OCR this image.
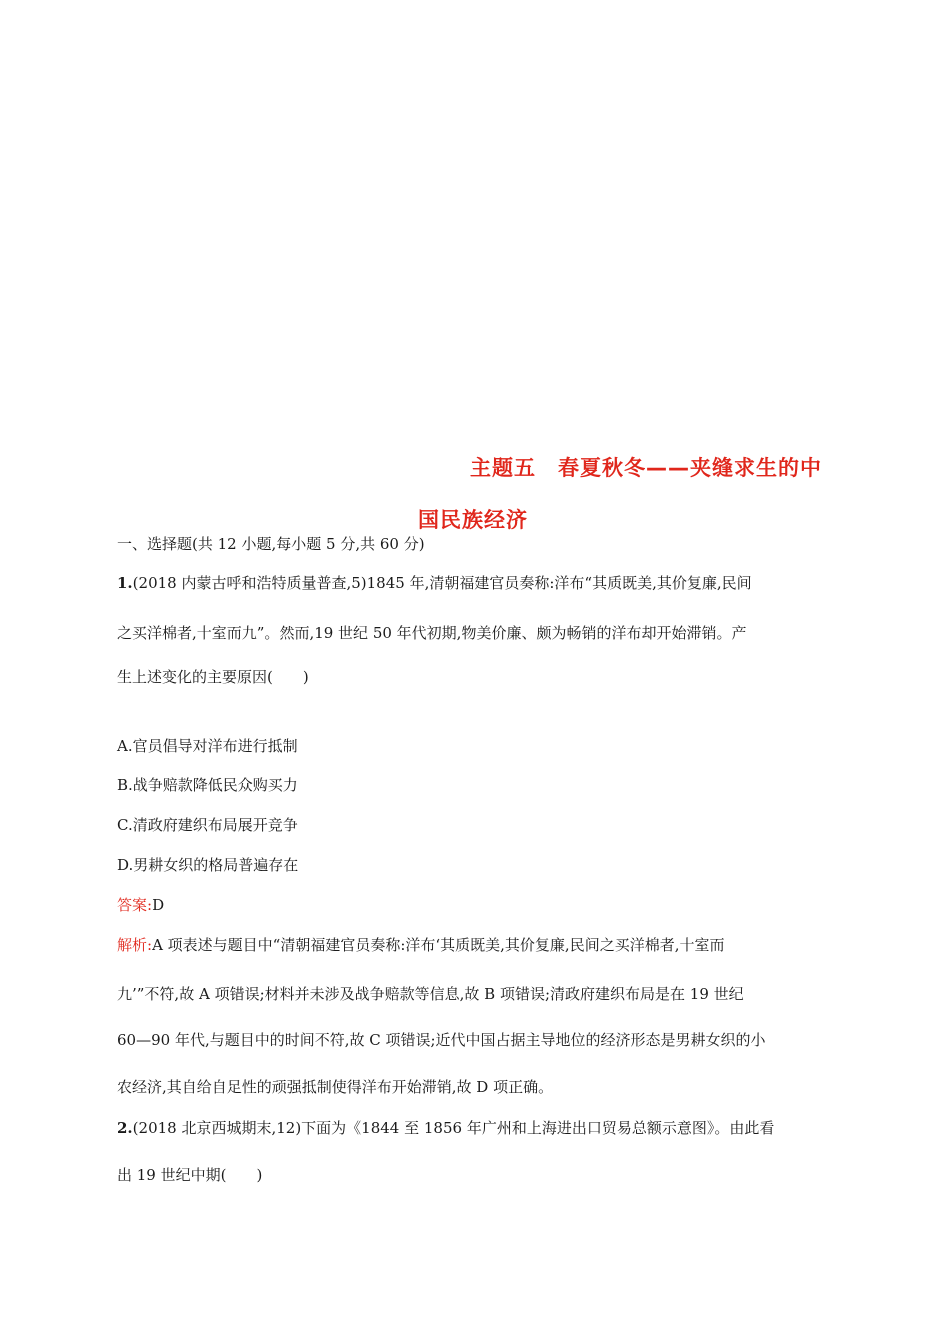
主题五　春夏秋冬——夹缝求生的中
国民族经济
一、选择题(共 12 小题,每小题 5 分,共 60 分)
1.(2018 内蒙古呼和浩特质量普查,5)1845 年,清朝福建官员奏称:洋布“其质既美,其价复廉,民间
之买洋棉者,十室而九”。然而,19 世纪 50 年代初期,物美价廉、颇为畅销的洋布却开始滞销。产
生上述变化的主要原因(　　)
A.官员倡导对洋布进行抵制
B.战争赔款降低民众购买力
C.清政府建织布局展开竞争
D.男耕女织的格局普遍存在
答案:D
解析:A 项表述与题目中“清朝福建官员奏称:洋布‘其质既美,其价复廉,民间之买洋棉者,十室而
九’”不符,故 A 项错误;材料并未涉及战争赔款等信息,故 B 项错误;清政府建织布局是在 19 世纪
60—90 年代,与题目中的时间不符,故 C 项错误;近代中国占据主导地位的经济形态是男耕女织的小
农经济,其自给自足性的顽强抵制使得洋布开始滞销,故 D 项正确。
2.(2018 北京西城期末,12)下面为《1844 至 1856 年广州和上海进出口贸易总额示意图》。由此看
出 19 世纪中期(　　)
